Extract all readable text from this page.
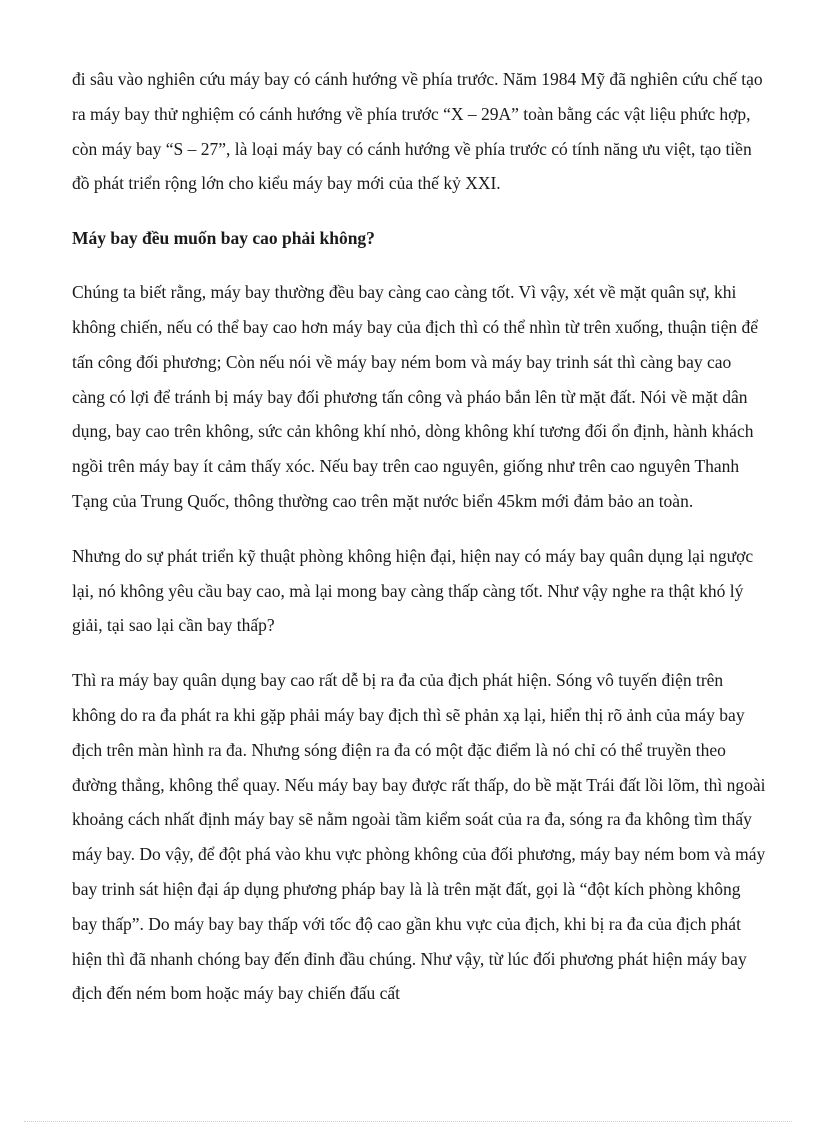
đi sâu vào nghiên cứu máy bay có cánh hướng về phía trước. Năm 1984 Mỹ đã nghiên cứu chế tạo ra máy bay thử nghiệm có cánh hướng về phía trước “X – 29A” toàn bằng các vật liệu phức hợp, còn máy bay “S – 27”, là loại máy bay có cánh hướng về phía trước có tính năng ưu việt, tạo tiền đồ phát triển rộng lớn cho kiểu máy bay mới của thế kỷ XXI.

Máy bay đều muốn bay cao phải không?

Chúng ta biết rằng, máy bay thường đều bay càng cao càng tốt. Vì vậy, xét về mặt quân sự, khi không chiến, nếu có thể bay cao hơn máy bay của địch thì có thể nhìn từ trên xuống, thuận tiện để tấn công đối phương; Còn nếu nói về máy bay ném bom và máy bay trinh sát thì càng bay cao càng có lợi để tránh bị máy bay đối phương tấn công và pháo bắn lên từ mặt đất. Nói về mặt dân dụng, bay cao trên không, sức cản không khí nhỏ, dòng không khí tương đối ổn định, hành khách ngồi trên máy bay ít cảm thấy xóc. Nếu bay trên cao nguyên, giống như trên cao nguyên Thanh Tạng của Trung Quốc, thông thường cao trên mặt nước biển 45km mới đảm bảo an toàn.

Nhưng do sự phát triển kỹ thuật phòng không hiện đại, hiện nay có máy bay quân dụng lại ngược lại, nó không yêu cầu bay cao, mà lại mong bay càng thấp càng tốt. Như vậy nghe ra thật khó lý giải, tại sao lại cần bay thấp?

Thì ra máy bay quân dụng bay cao rất dễ bị ra đa của địch phát hiện. Sóng vô tuyến điện trên không do ra đa phát ra khi gặp phải máy bay địch thì sẽ phản xạ lại, hiển thị rõ ảnh của máy bay địch trên màn hình ra đa. Nhưng sóng điện ra đa có một đặc điểm là nó chỉ có thể truyền theo đường thẳng, không thể quay. Nếu máy bay bay được rất thấp, do bề mặt Trái đất lồi lõm, thì ngoài khoảng cách nhất định máy bay sẽ nằm ngoài tầm kiểm soát của ra đa, sóng ra đa không tìm thấy máy bay. Do vậy, để đột phá vào khu vực phòng không của đối phương, máy bay ném bom và máy bay trinh sát hiện đại áp dụng phương pháp bay là là trên mặt đất, gọi là “đột kích phòng không bay thấp”. Do máy bay bay thấp với tốc độ cao gần khu vực của địch, khi bị ra đa của địch phát hiện thì đã nhanh chóng bay đến đỉnh đầu chúng. Như vậy, từ lúc đối phương phát hiện máy bay địch đến ném bom hoặc máy bay chiến đấu cất
